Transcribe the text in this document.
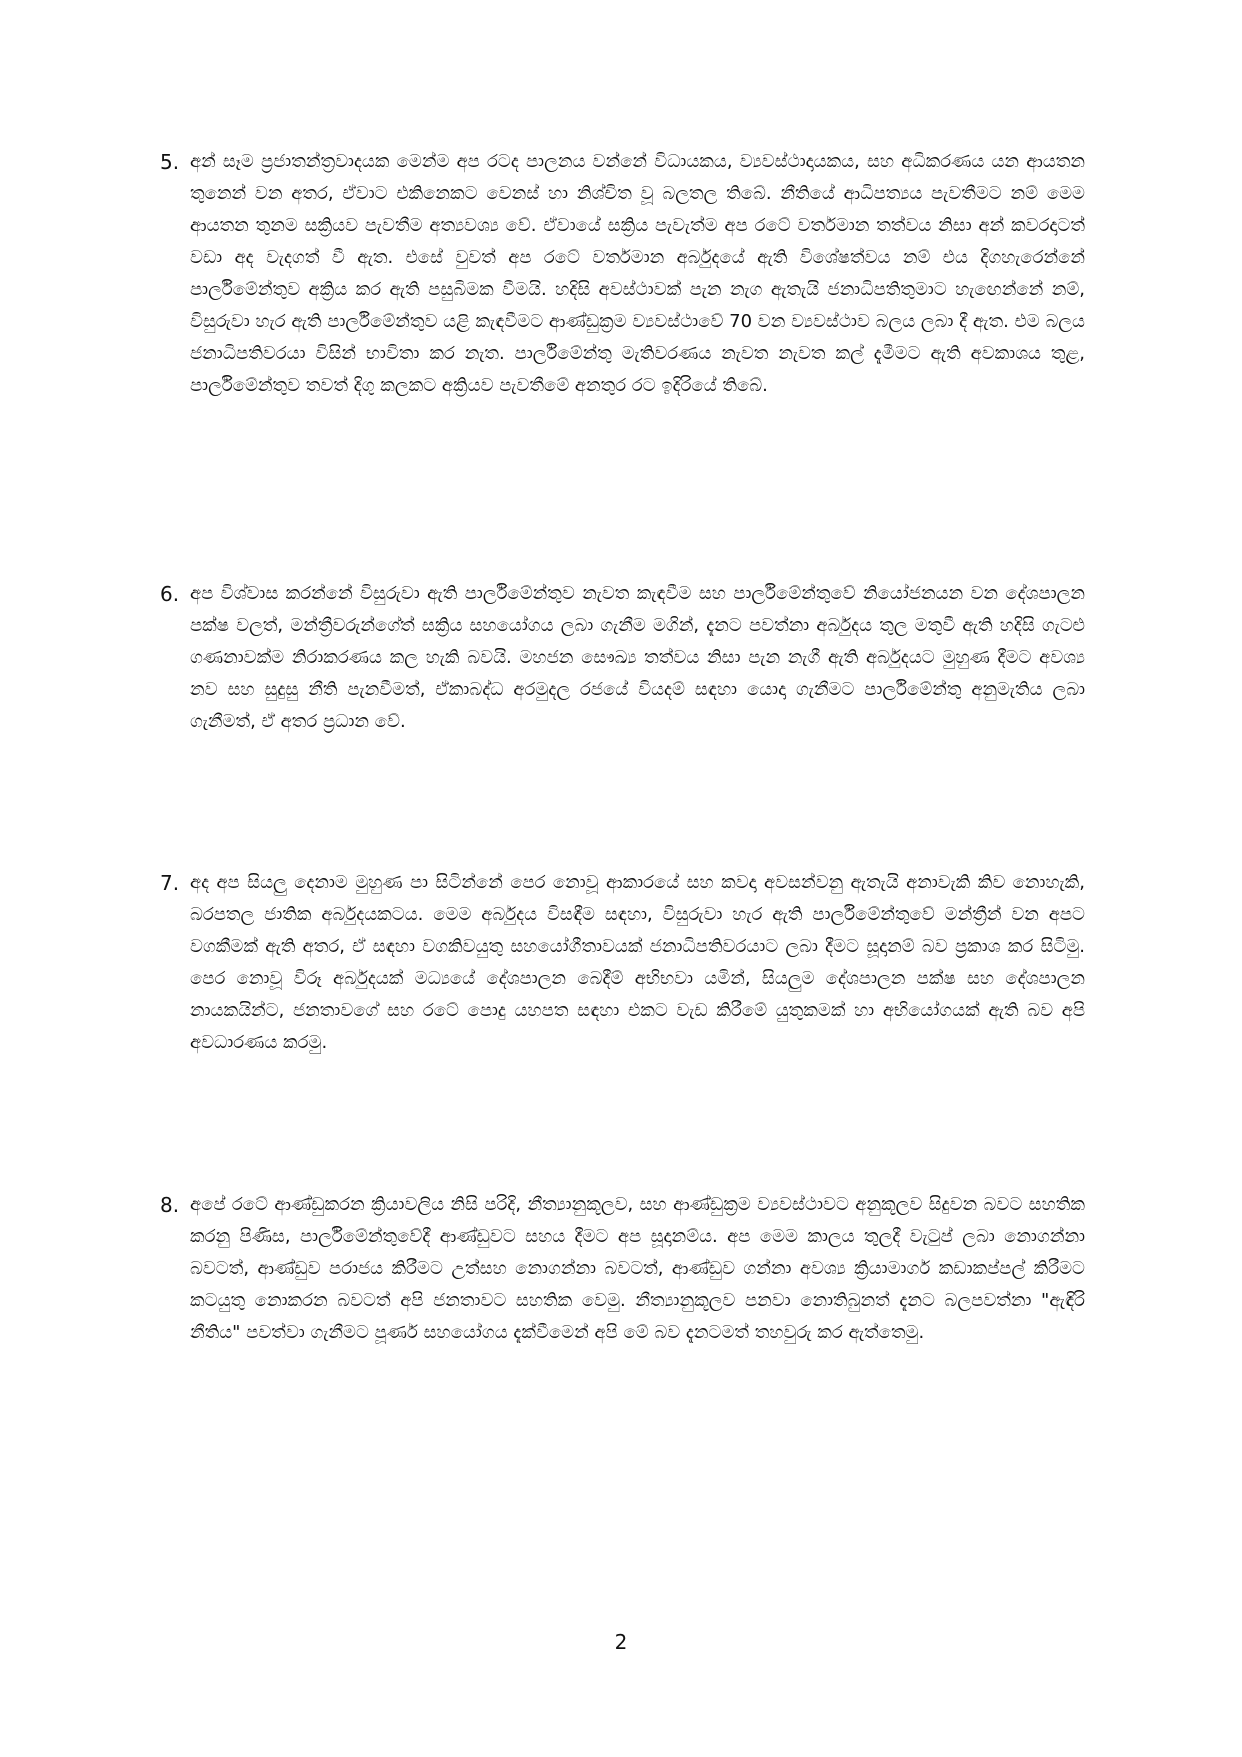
5. අන් සෑම ප්‍රජාතන්ත්‍රවාදයක මෙන්ම අප රටද පාලනය වන්නේ විධායකය, ව්‍යවස්ථාදායකය, සහ අධිකරණය යන ආයතන තුනෙන් වන අතර, ඒවාට එකිනෙකට වෙනස් හා නිශ්චිත වූ බලතල තිබේ. නීතියේ ආධිපත්‍යය පැවතීමට නම් මෙම ආයතන තුනම සක්‍රියව පැවතීම අත්‍යවශ්‍ය වේ. ඒවායේ සක්‍රිය පැවැත්ම අප රටේ වර්තමාන තත්වය නිසා අන් කවරදාටත් වඩා අද වැදගත් වී ඇත. එසේ වුවත් අප රටේ වර්තමාන අර්බුදයේ ඇති විශේෂත්වය නම් එය දිගහැරෙන්නේ පාර්ලිමේන්තුව අක්‍රිය කර ඇති පසුබිමක වීමයි. හදිසි අවස්ථාවක් පැන නැග ඇතැයි ජනාධිපතිතුමාට හැඟෙන්නේ නම්, විසුරුවා හැර ඇති පාර්ලිමේන්තුව යළි කැඳවීමට ආණ්ඩුක්‍රම ව්‍යවස්ථාවේ 70 වන ව්‍යවස්ථාව බලය ලබා දී ඇත. එම බලය ජනාධිපතිවරයා විසින් භාවිතා කර නැත. පාර්ලිමේන්තු මැතිවරණය නැවත නැවත කල් දැමීමට ඇති අවකාශය තුළ, පාර්ලිමේන්තුව තවත් දිගු කලකට අක්‍රියව පැවතීමේ අනතුර රට ඉදිරියේ තිබේ.
6. අප විශ්වාස කරන්නේ විසුරුවා ඇති පාර්ලිමේන්තුව නැවත කැඳවීම සහ පාර්ලිමේන්තුවේ නියෝජනයන වන දේශපාලන පක්ෂ වලත්, මන්ත්‍රීවරුන්ගේත් සක්‍රිය සහයෝගය ලබා ගැනීම මගින්, දැනට පවත්නා අර්බුදය තුල මතුවී ඇති හදිසි ගැටළු ගණනාවක්ම නිරාකරණය කල හැකි බවයි. මහජන සෞඛ්‍ය තත්වය නිසා පැන නැගී ඇති අර්බුදයට මුහුණ දීමට අවශ්‍ය නව සහ සුදුසු නීති පැනවීමත්, ඒකාබද්ධ අරමුදල රජයේ වියදම් සඳහා යොදා ගැනීමට පාර්ලිමේන්තු අනුමැතිය ලබා ගැනීමත්, ඒ අතර ප්‍රධාන වේ.
7. අද අප සියලු දෙනාම මුහුණ පා සිටින්නේ පෙර නොවූ ආකාරයේ සහ කවදා අවසන්වනු ඇතැයි අනාවැකි කිව නොහැකි, බරපතල ජාතික අර්බුදයකටය. මෙම අර්බුදය විසඳීම සඳහා, විසුරුවා හැර ඇති පාර්ලිමේන්තුවේ මන්ත්‍රීන් වන අපට වගකීමක් ඇති අතර, ඒ සඳහා වගකිවයුතු සහයෝගීතාවයක් ජනාධිපතිවරයාට ලබා දීමට සූදානම් බව ප්‍රකාශ කර සිටිමු. පෙර නොවූ විරූ අර්බුදයක් මධ්‍යයේ දේශපාලන බෙදීම් අභිභවා යමින්, සියලුම දේශපාලන පක්ෂ සහ දේශපාලන නායකයින්ට, ජනතාවගේ සහ රටේ පොදු යහපත සඳහා එකට වැඩ කිරීමේ යුතුකමක් හා අභියෝගයක් ඇති බව අපි අවධාරණය කරමු.
8. අපේ රටේ ආණ්ඩුකරන ක්‍රියාවලිය නිසි පරිදි, නීත්‍යානුකූලව, සහ ආණ්ඩුක්‍රම ව්‍යවස්ථාවට අනුකූලව සිදුවන බවට සහතික කරනු පිණිස, පාර්ලිමේන්තුවේදී ආණ්ඩුවට සහය දීමට අප සූදානම්ය. අප මෙම කාලය තුලදී වැටුප් ලබා නොගන්නා බවටත්, ආණ්ඩුව පරාජය කිරීමට උත්සහ නොගන්නා බවටත්, ආණ්ඩුව ගන්නා අවශ්‍ය ක්‍රියාමාර්ග කඩාකප්පල් කිරීමට කටයුතු නොකරන බවටත් අපි ජනතාවට සහතික වෙමු. නීත්‍යානුකූලව පනවා නොතිබුනත් දැනට බලපවත්නා "ඇඳිරි නීතිය" පවත්වා ගැනීමට පූර්ණ සහයෝගය දැක්වීමෙන් අපි මේ බව දැනටමත් තහවුරු කර ඇත්තෙමු.
2
